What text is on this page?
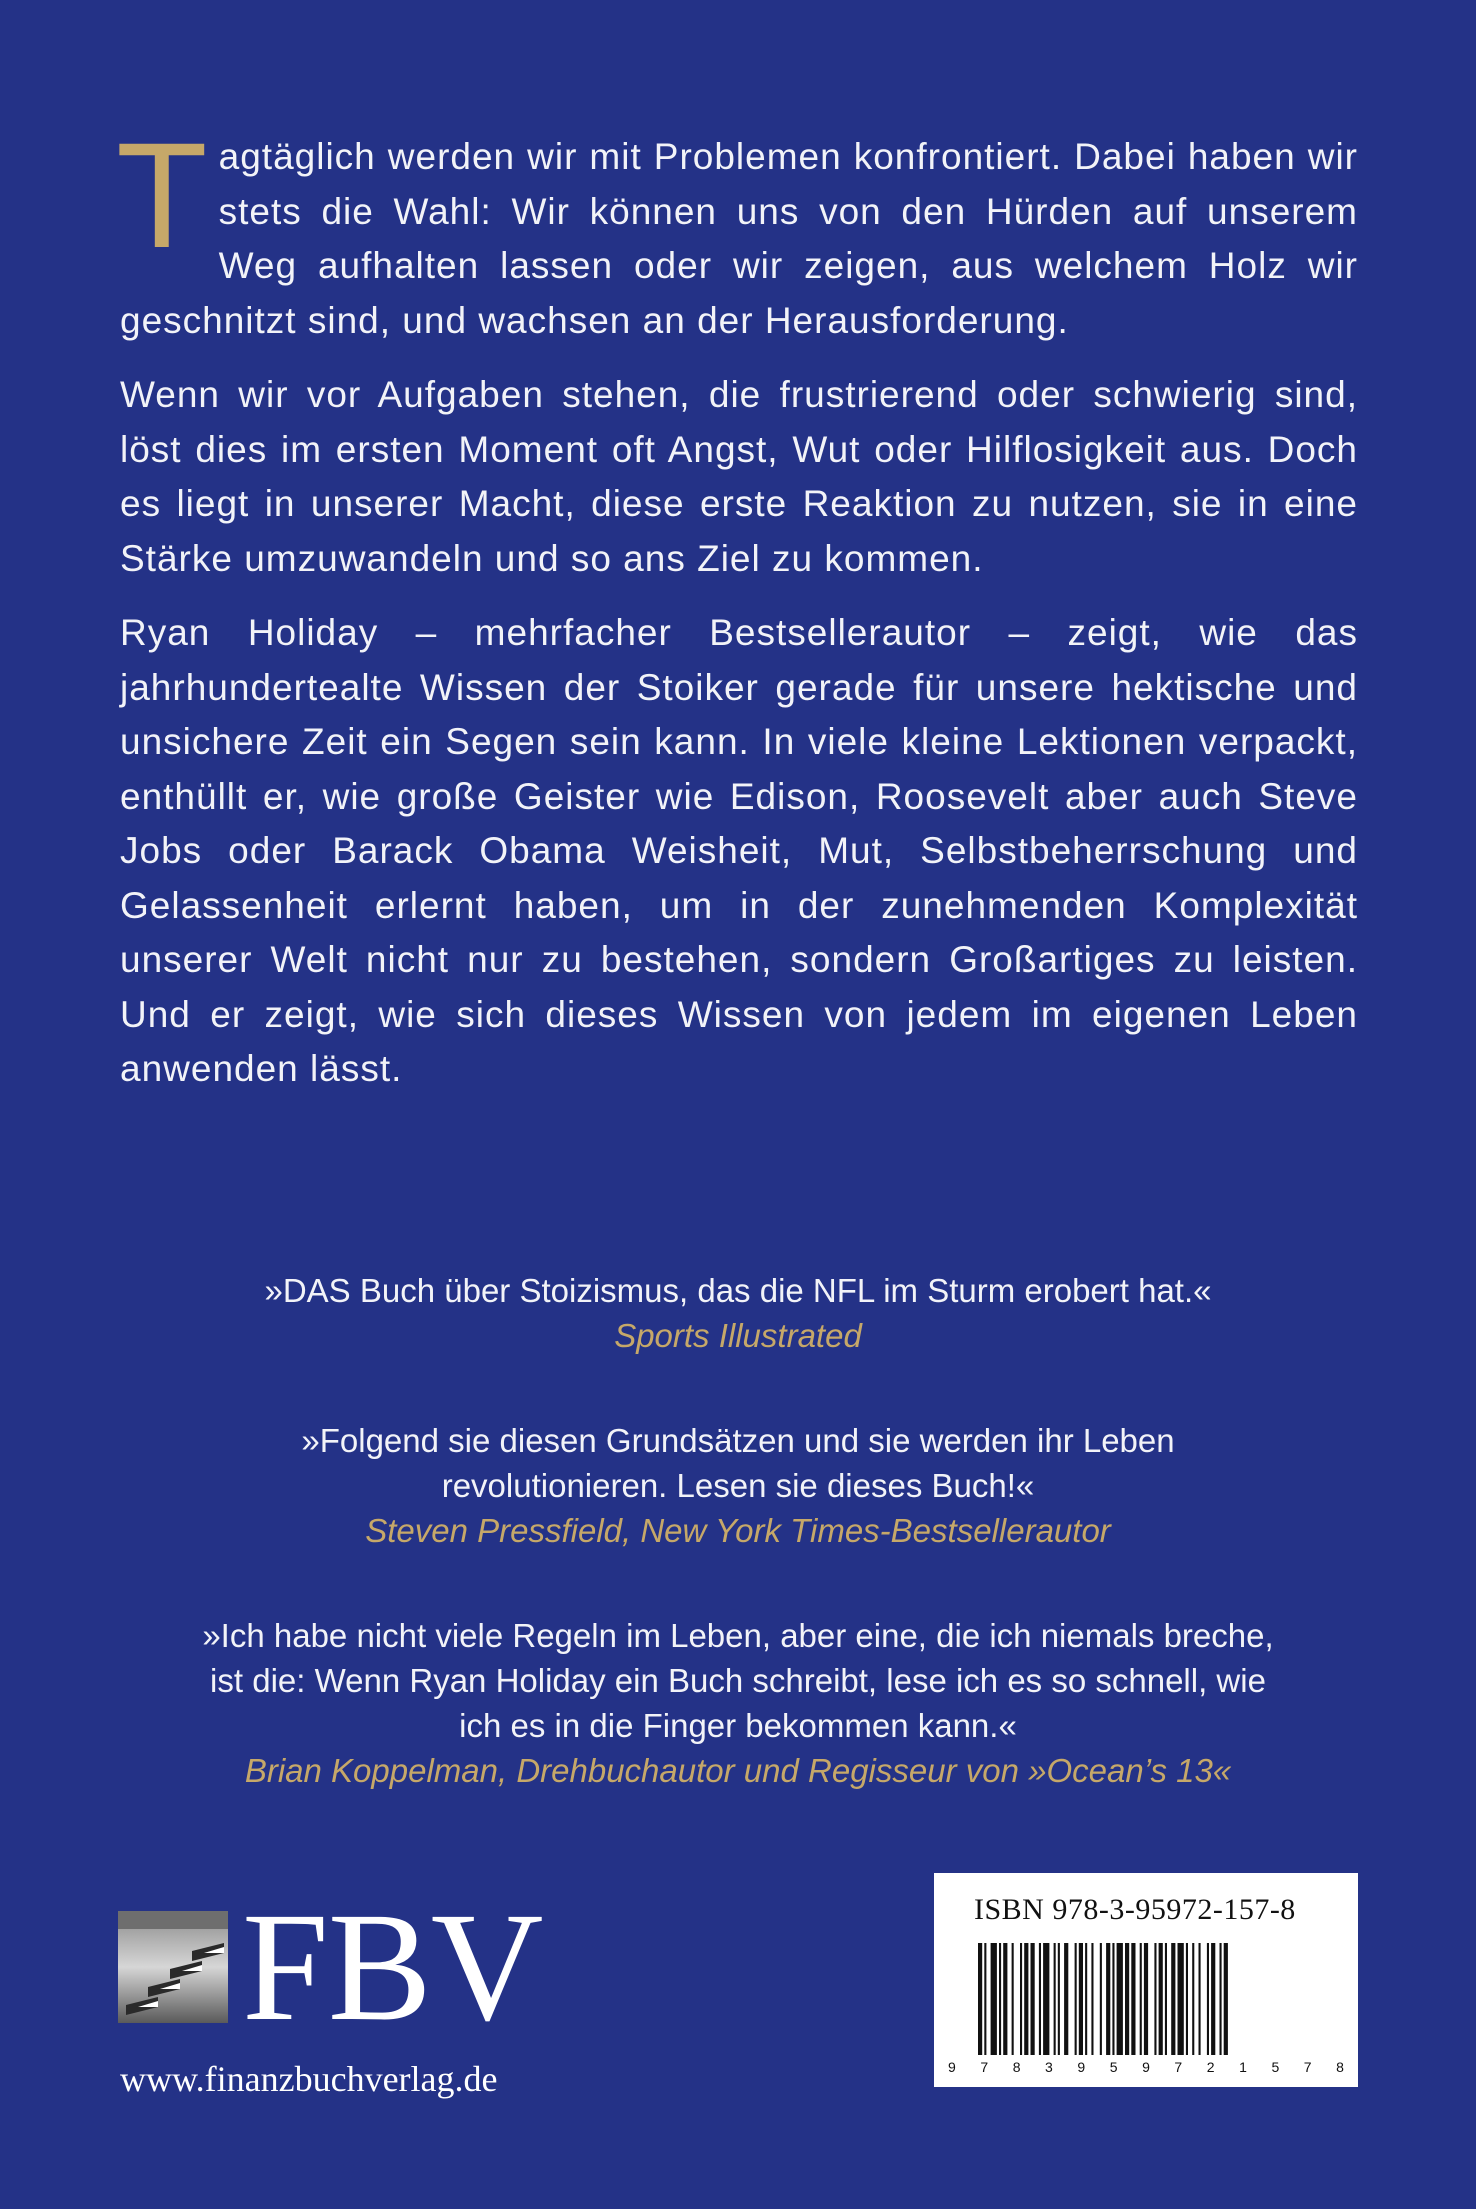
Tagtäglich werden wir mit Problemen konfrontiert. Dabei haben wir stets die Wahl: Wir können uns von den Hürden auf unserem Weg aufhalten lassen oder wir zeigen, aus welchem Holz wir geschnitzt sind, und wachsen an der Herausforderung.

Wenn wir vor Aufgaben stehen, die frustrierend oder schwierig sind, löst dies im ersten Moment oft Angst, Wut oder Hilflosigkeit aus. Doch es liegt in unserer Macht, diese erste Reaktion zu nutzen, sie in eine Stärke umzuwandeln und so ans Ziel zu kommen.

Ryan Holiday – mehrfacher Bestsellerautor – zeigt, wie das jahrhundertealte Wissen der Stoiker gerade für unsere hektische und unsichere Zeit ein Segen sein kann. In viele kleine Lektionen verpackt, enthüllt er, wie große Geister wie Edison, Roosevelt aber auch Steve Jobs oder Barack Obama Weisheit, Mut, Selbstbeherrschung und Gelassenheit erlernt haben, um in der zunehmenden Komplexität unserer Welt nicht nur zu bestehen, sondern Großartiges zu leisten. Und er zeigt, wie sich dieses Wissen von jedem im eigenen Leben anwenden lässt.

»DAS Buch über Stoizismus, das die NFL im Sturm erobert hat.«

Sports Illustrated

»Folgend sie diesen Grundsätzen und sie werden ihr Leben

revolutionieren. Lesen sie dieses Buch!«

Steven Pressfield, New York Times-Bestsellerautor

»Ich habe nicht viele Regeln im Leben, aber eine, die ich niemals breche,

ist die: Wenn Ryan Holiday ein Buch schreibt, lese ich es so schnell, wie

ich es in die Finger bekommen kann.«

Brian Koppelman, Drehbuchautor und Regisseur von »Ocean’s 13«

FBV
www.finanzbuchverlag.de
ISBN 978-3-95972-157-8
9 7 8 3 9 5 9 7 2 1 5 7 8
